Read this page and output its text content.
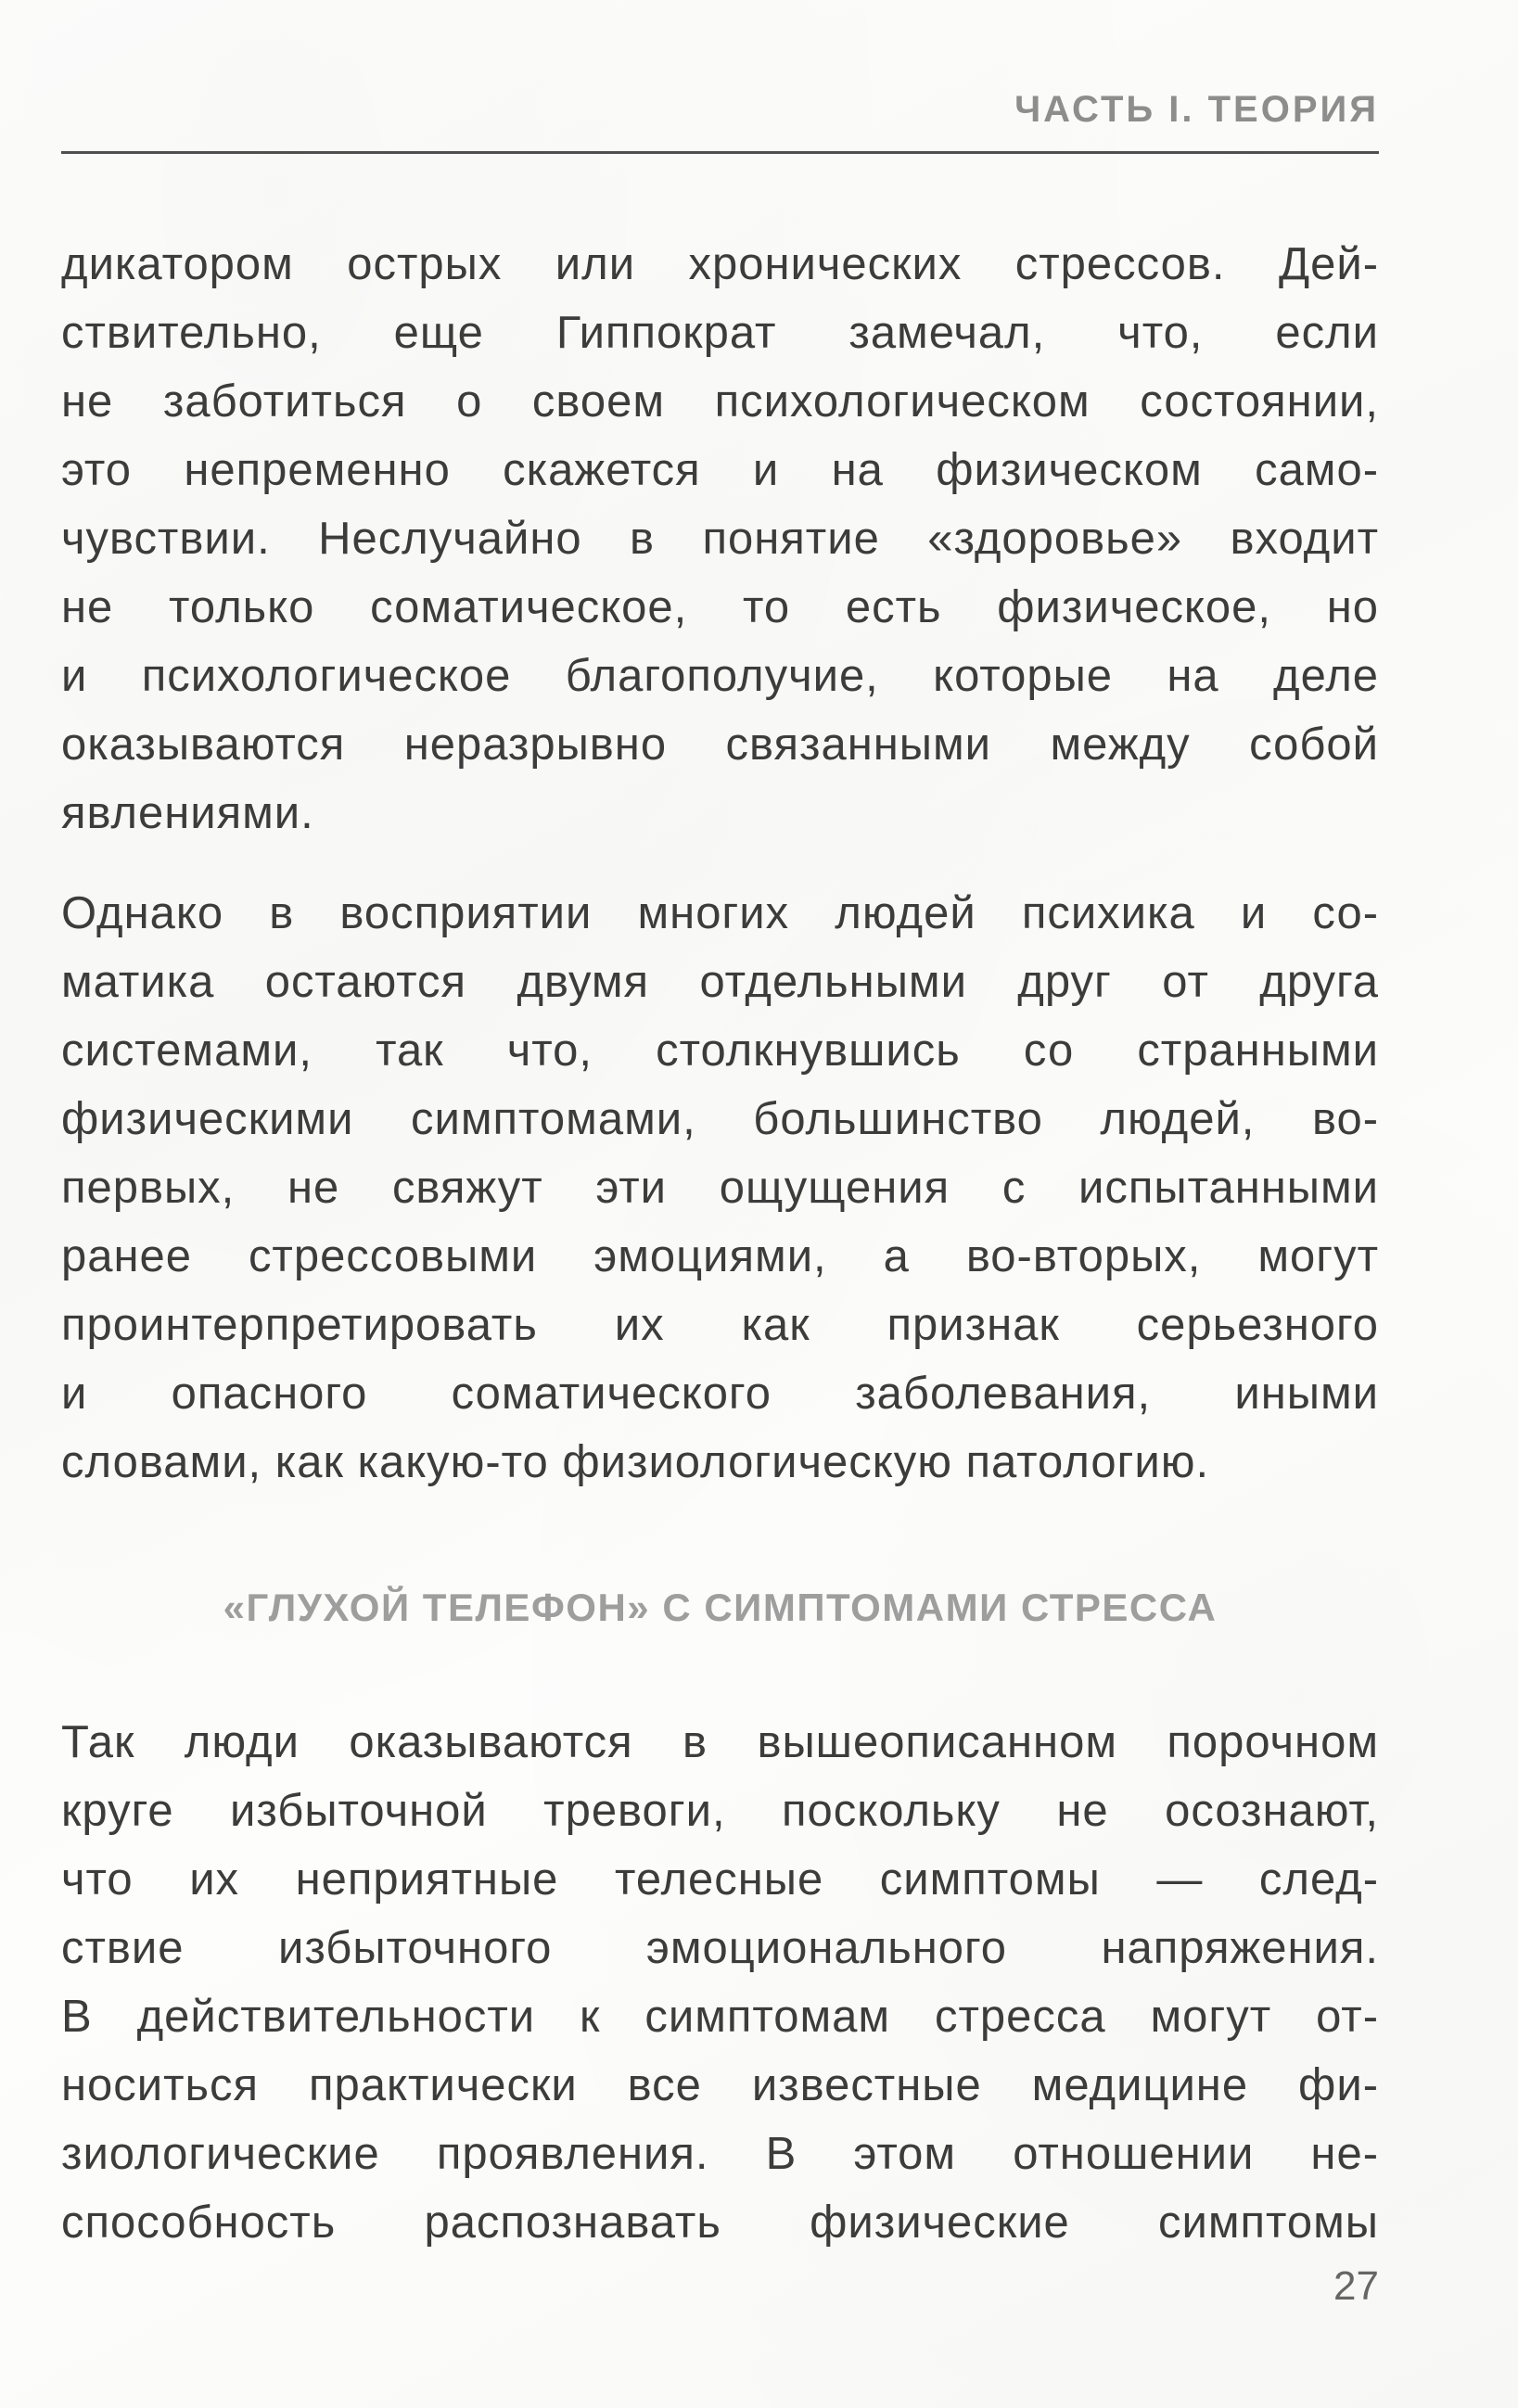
ЧАСТЬ I. ТЕОРИЯ
дикатором острых или хронических стрессов. Дей-
ствительно, еще Гиппократ замечал, что, если
не заботиться о своем психологическом состоянии,
это непременно скажется и на физическом само-
чувствии. Неслучайно в понятие «здоровье» входит
не только соматическое, то есть физическое, но
и психологическое благополучие, которые на деле
оказываются неразрывно связанными между собой
явлениями.
Однако в восприятии многих людей психика и со-
матика остаются двумя отдельными друг от друга
системами, так что, столкнувшись со странными
физическими симптомами, большинство людей, во-
первых, не свяжут эти ощущения с испытанными
ранее стрессовыми эмоциями, а во-вторых, могут
проинтерпретировать их как признак серьезного
и опасного соматического заболевания, иными
словами, как какую-то физиологическую патологию.
«ГЛУХОЙ ТЕЛЕФОН» С СИМПТОМАМИ СТРЕССА
Так люди оказываются в вышеописанном порочном
круге избыточной тревоги, поскольку не осознают,
что их неприятные телесные симптомы — след-
ствие избыточного эмоционального напряжения.
В действительности к симптомам стресса могут от-
носиться практически все известные медицине фи-
зиологические проявления. В этом отношении не-
способность распознавать физические симптомы
27
